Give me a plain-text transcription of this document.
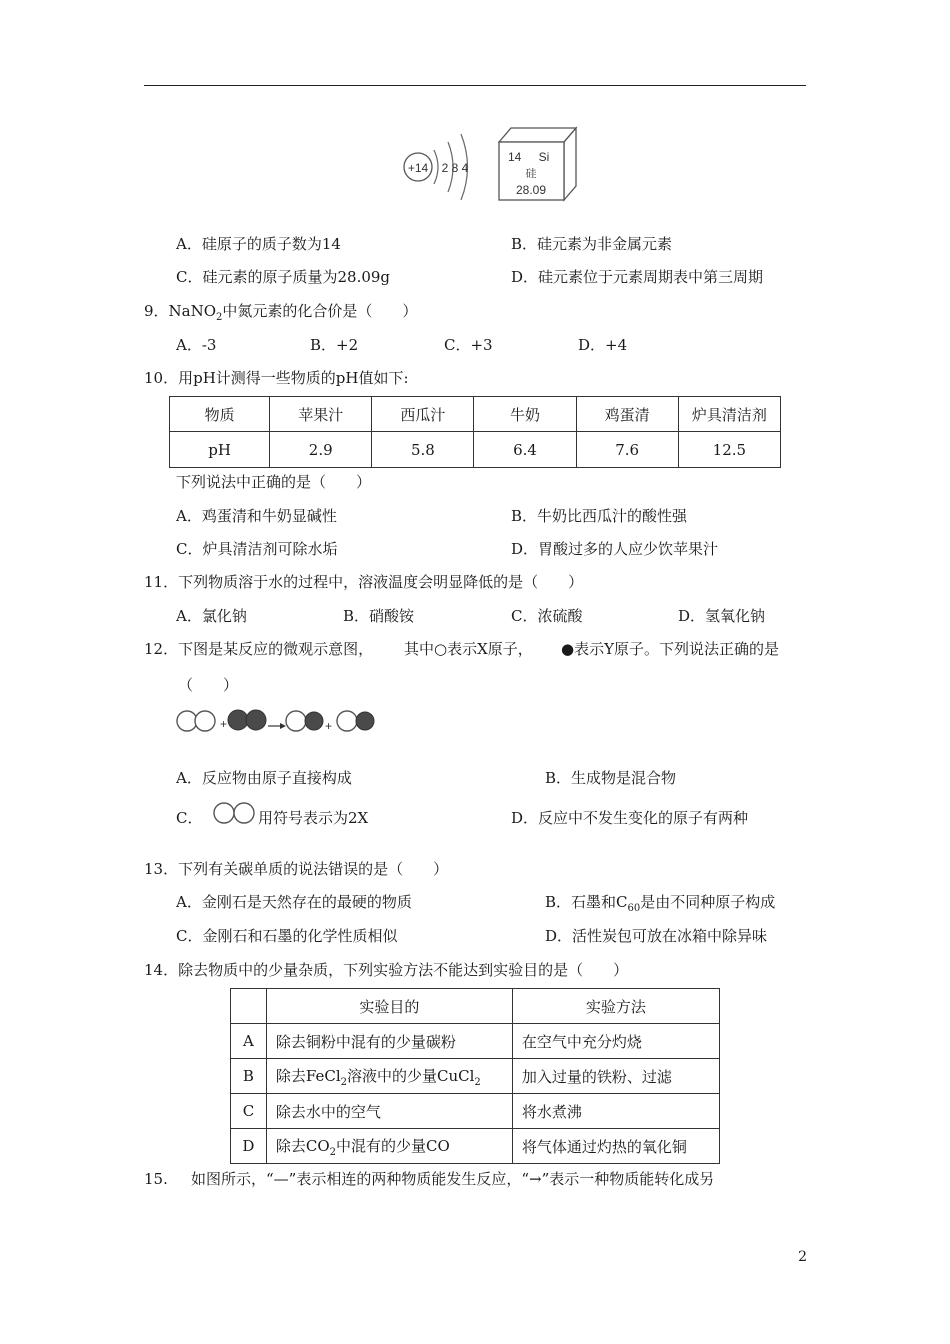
+14 2 8 4
14 Si
硅
28.09
A．硅原子的质子数为14	B．硅元素为非金属元素
C．硅元素的原子质量为28.09g	D．硅元素位于元素周期表中第三周期
9．NaNO$_2$中氮元素的化合价是（　　）
A．-3	B．+2	C．+3	D．+4
10．用pH计测得一些物质的pH值如下:
物质	苹果汁	西瓜汁	牛奶	鸡蛋清	炉具清洁剂
pH	2.9	5.8	6.4	7.6	12.5
下列说法中正确的是（　　）
A．鸡蛋清和牛奶显碱性	B．牛奶比西瓜汁的酸性强
C．炉具清洁剂可除水垢	D．胃酸过多的人应少饮苹果汁
11．下列物质溶于水的过程中，溶液温度会明显降低的是（　　）
A．氯化钠	B．硝酸铵	C．浓硫酸	D．氢氧化钠
12．下图是某反应的微观示意图， 其中○表示X原子， ●表示Y原子。下列说法正确的是
（　　）
+	+
A．反应物由原子直接构成	B．生成物是混合物
C．	用符号表示为2X	D．反应中不发生变化的原子有两种
13．下列有关碳单质的说法错误的是（　　）
A．金刚石是天然存在的最硬的物质	B．石墨和$C_{60}$是由不同种原子构成
C．金刚石和石墨的化学性质相似	D．活性炭包可放在冰箱中除异味
14．除去物质中的少量杂质，下列实验方法不能达到实验目的是（　　）
	实验目的	实验方法
A	除去铜粉中混有的少量碳粉	在空气中充分灼烧
B	除去FeCl$_2$溶液中的少量CuCl$_2$	加入过量的铁粉、过滤
C	除去水中的空气	将水煮沸
D	除去$CO_2$中混有的少量CO	将气体通过灼热的氧化铜
15. 如图所示，“—”表示相连的两种物质能发生反应，“→”表示一种物质能转化成另
2
